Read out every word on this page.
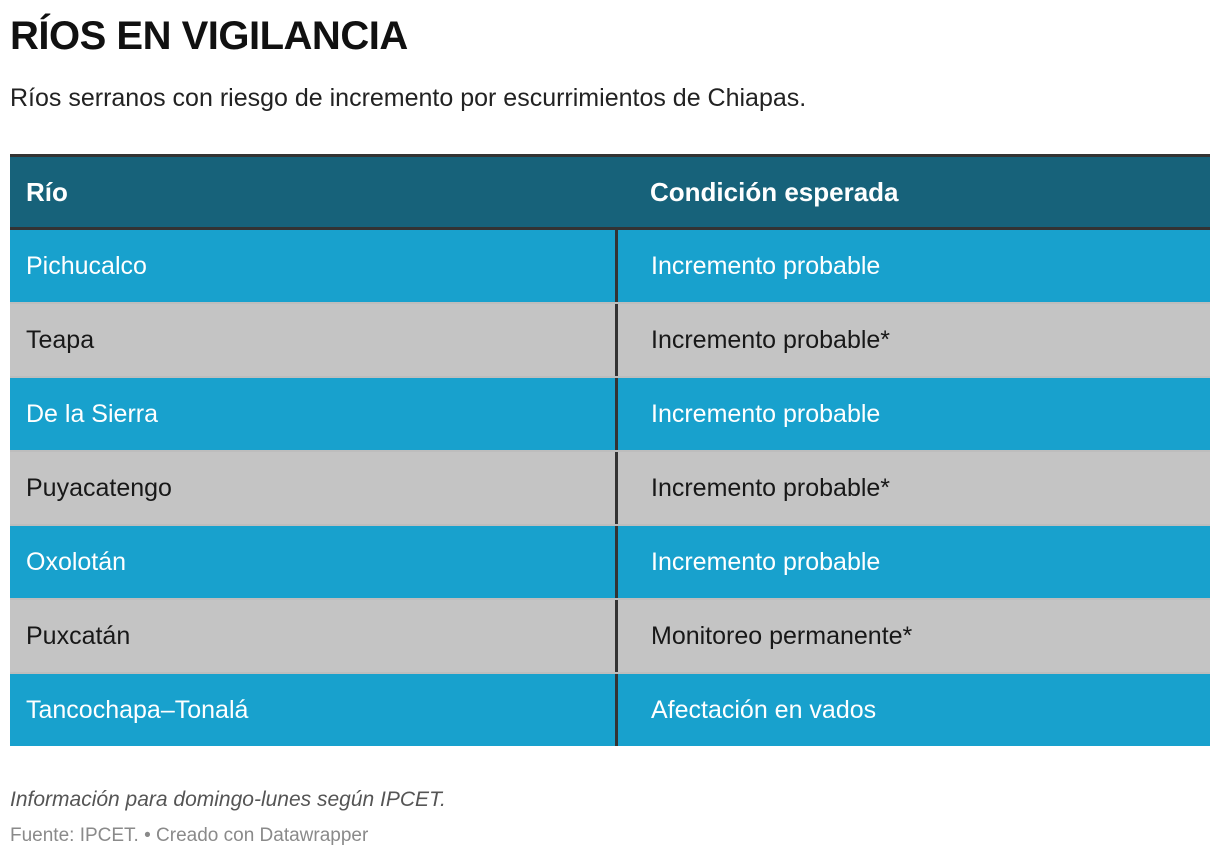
RÍOS EN VIGILANCIA

Ríos serranos con riesgo de incremento por escurrimientos de Chiapas.

Río	Condición esperada
Pichucalco	Incremento probable
Teapa	Incremento probable*
De la Sierra	Incremento probable
Puyacatengo	Incremento probable*
Oxolotán	Incremento probable
Puxcatán	Monitoreo permanente*
Tancochapa–Tonalá	Afectación en vados

Información para domingo-lunes según IPCET.

Fuente: IPCET. • Creado con Datawrapper
